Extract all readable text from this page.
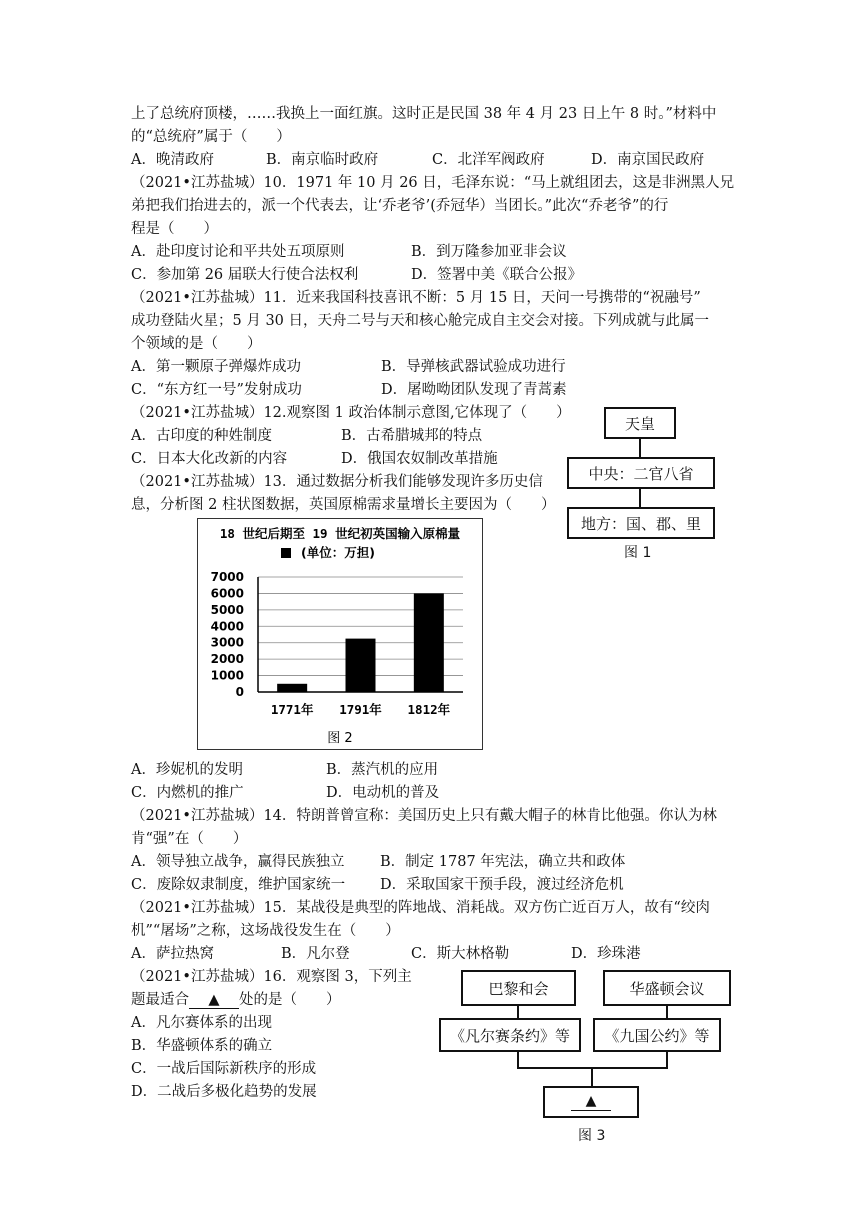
上了总统府顶楼，……我换上一面红旗。这时正是民国 38 年 4 月 23 日上午 8 时。”材料中
的“总统府”属于（　　）
A．晚清政府	B．南京临时政府	C．北洋军阀政府	D．南京国民政府
（2021•江苏盐城）10．1971 年 10 月 26 日，毛泽东说：“马上就组团去，这是非洲黑人兄
弟把我们抬进去的，派一个代表去，让‘乔老爷’(乔冠华）当团长。”此次“乔老爷”的行
程是（　　）
A．赴印度讨论和平共处五项原则	B．到万隆参加亚非会议
C．参加第 26 届联大行使合法权利	D．签署中美《联合公报》
（2021•江苏盐城）11．近来我国科技喜讯不断：5 月 15 日，天问一号携带的“祝融号”
成功登陆火星；5 月 30 日，天舟二号与天和核心舱完成自主交会对接。下列成就与此属一
个领域的是（　　）
A．第一颗原子弹爆炸成功	B．导弹核武器试验成功进行
C．“东方红一号”发射成功	D．屠呦呦团队发现了青蒿素
（2021•江苏盐城）12.观察图 1 政治体制示意图,它体现了（　　）
A．古印度的种姓制度	B．古希腊城邦的特点
C．日本大化改新的内容	D．俄国农奴制改革措施
（2021•江苏盐城）13．通过数据分析我们能够发现许多历史信
息，分析图 2 柱状图数据，英国原棉需求量增长主要因为（　　）
天皇
中央：二官八省
地方：国、郡、里
图 1
18 世纪后期至 19 世纪初英国输入原棉量
(单位：万担)
0
1000
2000
3000
4000
5000
6000
7000
1771年 1791年 1812年
图 2
A．珍妮机的发明	B．蒸汽机的应用
C．内燃机的推广	D．电动机的普及
（2021•江苏盐城）14．特朗普曾宣称：美国历史上只有戴大帽子的林肯比他强。你认为林
肯“强”在（　　）
A．领导独立战争，赢得民族独立 B．制定 1787 年宪法，确立共和政体
C．废除奴隶制度，维护国家统一 D．采取国家干预手段，渡过经济危机
（2021•江苏盐城）15．某战役是典型的阵地战、消耗战。双方伤亡近百万人，故有“绞肉
机”“屠场”之称，这场战役发生在（　　）
A．萨拉热窝	B．凡尔登	C．斯大林格勒	D．珍珠港
（2021•江苏盐城）16．观察图 3，下列主
题最适合 ▲ 处的是（　　）
A．凡尔赛体系的出现
B．华盛顿体系的确立
C．一战后国际新秩序的形成
D．二战后多极化趋势的发展
巴黎和会	华盛顿会议
《凡尔赛条约》等	《九国公约》等
▲
图 3
